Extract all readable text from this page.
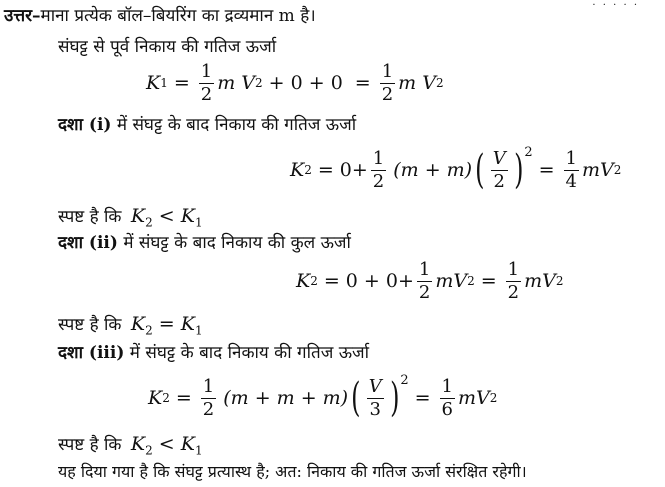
· · · · ·
उत्तर–माना प्रत्येक बॉल–बियरिंग का द्रव्यमान m है।
संघट्ट से पूर्व निकाय की गतिज ऊर्जा
K $1 = \frac{1}{2}$ m V $2 + 0 + 0 = \frac{1}{2}$ m V 2
दशा (i) में संघट्ट के बाद निकाय की गतिज ऊर्जा
K $2 = 0+ \frac{1}{2} (m + m)$ ( $\frac{V}{2}$ ) 2
= $\frac{1}{4}$ mV 2
स्पष्ट है कि $K_2 < K_1$
दशा (ii) में संघट्ट के बाद निकाय की कुल ऊर्जा
K $2 = 0 + 0+ \frac{1}{2}$ mV $2 = \frac{1}{2}$ mV 2
स्पष्ट है कि $K_2 = K_1$
दशा (iii) में संघट्ट के बाद निकाय की गतिज ऊर्जा
K $2 = \frac{1}{2} (m + m + m)$ ( $\frac{V}{3}$ ) 2
= $\frac{1}{6}$ mV 2
स्पष्ट है कि $K_2 < K_1$
यह दिया गया है कि संघट्ट प्रत्यास्थ है; अत: निकाय की गतिज ऊर्जा संरक्षित रहेगी।
